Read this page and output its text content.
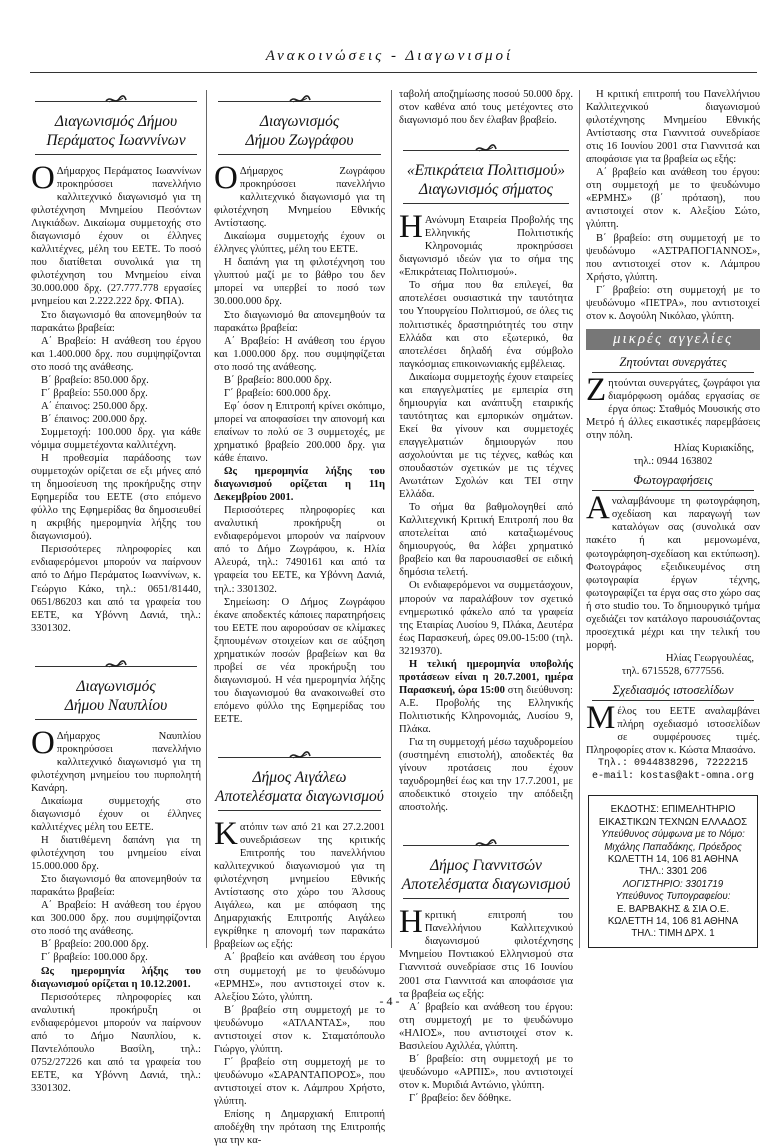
Ανακοινώσεις - Διαγωνισμοί
Διαγωνισμός Δήμου
Περάματος Ιωαννίνων

Ο Δήμαρχος Περάματος Ιωαννίνων προκηρύσσει πανελλήνιο καλλιτεχνικό διαγωνισμό για τη φιλοτέχνηση Μνημείου Πεσόντων Λιγκιάδων. Δικαίωμα συμμετοχής στο διαγωνισμό έχουν οι έλληνες καλλιτέχνες, μέλη του ΕΕΤΕ. Το ποσό που διατίθεται συνολικά για τη φιλοτέχνηση του Μνημείου είναι 30.000.000 δρχ. (27.777.778 εργασίες μνημείου και 2.222.222 δρχ. ΦΠΑ).

Στο διαγωνισμό θα απονεμηθούν τα παρακάτω βραβεία:

Α΄ Βραβείο: Η ανάθεση του έργου και 1.400.000 δρχ. που συμψηφίζονται στο ποσό της ανάθεσης.

Β΄ βραβείο: 850.000 δρχ.

Γ΄ βραβείο: 550.000 δρχ.

Α΄ έπαινος: 250.000 δρχ.

Β΄ έπαινος: 200.000 δρχ.

Συμμετοχή: 100.000 δρχ. για κάθε νόμιμα συμμετέχοντα καλλιτέχνη.

Η προθεσμία παράδοσης των συμμετοχών ορίζεται σε εξι μήνες από τη δημοσίευση της προκήρυξης στην Εφημερίδα του ΕΕΤΕ (στο επόμενο φύλλο της Εφημερίδας θα δημοσιευθεί η ακριβής ημερομηνία λήξης του διαγωνισμού).

Περισσότερες πληροφορίες και ενδιαφερόμενοι μπορούν να παίρνουν από το Δήμο Περάματος Ιωαννίνων, κ. Γεώργιο Κάκο, τηλ.: 0651/81440, 0651/86203 και από τα γραφεία του ΕΕΤΕ, κα Υβόννη Δανιά, τηλ.: 3301302.

Διαγωνισμός
Δήμου Ναυπλίου

Ο Δήμαρχος Ναυπλίου προκηρύσσει πανελλήνιο καλλιτεχνικό διαγωνισμό για τη φιλοτέχνηση μνημείου του πυρπολητή Κανάρη.

Δικαίωμα συμμετοχής στο διαγωνισμό έχουν οι έλληνες καλλιτέχνες μέλη του ΕΕΤΕ.

Η διατιθέμενη δαπάνη για τη φιλοτέχνηση του μνημείου είναι 15.000.000 δρχ.

Στο διαγωνισμό θα απονεμηθούν τα παρακάτω βραβεία:

Α΄ Βραβείο: Η ανάθεση του έργου και 300.000 δρχ. που συμψηφίζονται στο ποσό της ανάθεσης.

Β΄ βραβείο: 200.000 δρχ.

Γ΄ βραβείο: 100.000 δρχ.

Ως ημερομηνία λήξης του διαγωνισμού ορίζεται η 10.12.2001.

Περισσότερες πληροφορίες και αναλυτική προκήρυξη οι ενδιαφερόμενοι μπορούν να παίρνουν από το Δήμο Ναυπλίου, κ. Παντελόπουλο Βασίλη, τηλ.: 0752/27226 και από τα γραφεία του ΕΕΤΕ, κα Υβόννη Δανιά, τηλ.: 3301302.

Διαγωνισμός
Δήμου Ζωγράφου

Ο Δήμαρχος Ζωγράφου προκηρύσσει πανελλήνιο καλλιτεχνικό διαγωνισμό για τη φιλοτέχνηση Μνημείου Εθνικής Αντίστασης.

Δικαίωμα συμμετοχής έχουν οι έλληνες γλύπτες, μέλη του ΕΕΤΕ.

Η δαπάνη για τη φιλοτέχνηση του γλυπτού μαζί με το βάθρο του δεν μπορεί να υπερβεί το ποσό των 30.000.000 δρχ.

Στο διαγωνισμό θα απονεμηθούν τα παρακάτω βραβεία:

Α΄ Βραβείο: Η ανάθεση του έργου και 1.000.000 δρχ. που συμψηφίζεται στο ποσό της ανάθεσης.

Β΄ βραβείο: 800.000 δρχ.

Γ΄ βραβείο: 600.000 δρχ.

Εφ΄ όσον η Επιτροπή κρίνει σκόπιμο, μπορεί να αποφασίσει την απονομή και επαίνων το πολύ σε 3 συμμετοχές, με χρηματικό βραβείο 200.000 δρχ. για κάθε έπαινο.

Ως ημερομηνία λήξης του διαγωνισμού ορίζεται η 11η Δεκεμβρίου 2001.

Περισσότερες πληροφορίες και αναλυτική προκήρυξη οι ενδιαφερόμενοι μπορούν να παίρνουν από το Δήμο Ζωγράφου, κ. Ηλία Αλευρά, τηλ.: 7490161 και από τα γραφεία του ΕΕΤΕ, κα Υβόννη Δανιά, τηλ.: 3301302.

Σημείωση: Ο Δήμος Ζωγράφου έκανε αποδεκτές κάποιες παρατηρήσεις του ΕΕΤΕ που αφορούσαν σε κλίμακες ξηπουμένων στοιχείων και σε αύξηση χρηματικών ποσών βραβείων και θα προβεί σε νέα προκήρυξη του διαγωνισμού. Η νέα ημερομηνία λήξης του διαγωνισμού θα ανακοινωθεί στο επόμενο φύλλο της Εφημερίδας του ΕΕΤΕ.

Δήμος Αιγάλεω
Αποτελέσματα διαγωνισμού

Κατόπιν των από 21 και 27.2.2001 συνεδριάσεων της κριτικής Επιτροπής του πανελλήνιου καλλιτεχνικού διαγωνισμού για τη φιλοτέχνηση μνημείου Εθνικής Αντίστασης στο χώρο του Άλσους Αιγάλεω, και με απόφαση της Δημαρχιακής Επιτροπής Αιγάλεω εγκρίθηκε η απονομή των παρακάτω βραβείων ως εξής:

Α΄ βραβείο και ανάθεση του έργου στη συμμετοχή με το ψευδώνυμο «ΕΡΜΗΣ», που αντιστοιχεί στον κ. Αλεξίου Σώτο, γλύπτη.

Β΄ βραβείο στη συμμετοχή με το ψευδώνυμο «ΑΤΛΑΝΤΑΣ», που αντιστοιχεί στον κ. Σταματόπουλο Γιώργο, γλύπτη.

Γ΄ βραβείο στη συμμετοχή με το ψευδώνυμο «ΣΑΡΑΝΤΑΠΟΡΟΣ», που αντιστοιχεί στον κ. Λάμπρου Χρήστο, γλύπτη.

Επίσης η Δημαρχιακή Επιτροπή αποδέχθη την πρόταση της Επιτροπής για την κα-

ταβολή αποζημίωσης ποσού 50.000 δρχ. στον καθένα από τους μετέχοντες στο διαγωνισμό που δεν έλαβαν βραβείο.

«Επικράτεια Πολιτισμού»
Διαγωνισμός σήματος

Η Ανώνυμη Εταιρεία Προβολής της Ελληνικής Πολιτιστικής Κληρονομιάς προκηρύσσει διαγωνισμό ιδεών για το σήμα της «Επικράτειας Πολιτισμού».

Το σήμα που θα επιλεγεί, θα αποτελέσει ουσιαστικά την ταυτότητα του Υπουργείου Πολιτισμού, σε όλες τις πολιτιστικές δραστηριότητές του στην Ελλάδα και στο εξωτερικό, θα αποτελέσει δηλαδή ένα σύμβολο παγκόσμιας επικοινωνιακής εμβέλειας.

Δικαίωμα συμμετοχής έχουν εταιρείες και επαγγελματίες με εμπειρία στη δημιουργία και ανάπτυξη εταιρικής ταυτότητας και εμπορικών σημάτων. Εκεί θα γίνουν και συμμετοχές επαγγελματιών δημιουργών που ασχολούνται με τις τέχνες, καθώς και σπουδαστών σχετικών με τις τέχνες Ανωτάτων Σχολών και ΤΕΙ στην Ελλάδα.

Το σήμα θα βαθμολογηθεί από Καλλιτεχνική Κριτική Επιτροπή που θα αποτελείται από καταξιωμένους δημιουργούς, θα λάβει χρηματικό βραβείο και θα παρουσιασθεί σε ειδική δημόσια τελετή.

Οι ενδιαφερόμενοι να συμμετάσχουν, μπορούν να παραλάβουν τον σχετικό ενημερωτικό φάκελο από τα γραφεία της Εταιρίας Λυσίου 9, Πλάκα, Δευτέρα έως Παρασκευή, ώρες 09.00-15:00 (τηλ. 3219370).

Η τελική ημερομηνία υποβολής προτάσεων είναι η 20.7.2001, ημέρα Παρασκευή, ώρα 15:00 στη διεύθυνση: Α.Ε. Προβολής της Ελληνικής Πολιτιστικής Κληρονομιάς, Λυσίου 9, Πλάκα.

Για τη συμμετοχή μέσω ταχυδρομείου (συστημένη επιστολή), αποδεκτές θα γίνουν προτάσεις που έχουν ταχυδρομηθεί έως και την 17.7.2001, με αποδεικτικό στοιχείο την απόδειξη αποστολής.

Δήμος Γιαννιτσών
Αποτελέσματα διαγωνισμού

Ηκριτική επιτροπή του Πανελλήνιου Καλλιτεχνικού διαγωνισμού φιλοτέχνησης Μνημείου Ποντιακού Ελληνισμού στα Γιαννιτσά συνεδρίασε στις 16 Ιουνίου 2001 στα Γιαννιτσά και αποφάσισε για τα βραβεία ως εξής:

Α΄ βραβείο και ανάθεση του έργου: στη συμμετοχή με το ψευδώνυμο «ΗΛΙΟΣ», που αντιστοιχεί στον κ. Βασιλείου Αχιλλέα, γλύπτη.

Β΄ βραβείο: στη συμμετοχή με το ψευδώνυμο «ΑΡΠΙΣ», που αντιστοιχεί στον κ. Μυριδιά Αντώνιο, γλύπτη.

Γ΄ βραβείο: δεν δόθηκε.

Η κριτική επιτροπή του Πανελλήνιου Καλλιτεχνικού διαγωνισμού φιλοτέχνησης Μνημείου Εθνικής Αντίστασης στα Γιαννιτσά συνεδρίασε στις 16 Ιουνίου 2001 στα Γιαννιτσά και αποφάσισε για τα βραβεία ως εξής:

Α΄ βραβείο και ανάθεση του έργου: στη συμμετοχή με το ψευδώνυμο «ΕΡΜΗΣ» (β΄ πρόταση), που αντιστοιχεί στον κ. Αλεξίου Σώτο, γλύπτη.

Β΄ βραβείο: στη συμμετοχή με το ψευδώνυμο «ΑΣΤΡΑΠΟΓΙΑΝΝΟΣ», που αντιστοιχεί στον κ. Λάμπρου Χρήστο, γλύπτη.

Γ΄ βραβείο: στη συμμετοχή με το ψευδώνυμο «ΠΕΤΡΑ», που αντιστοιχεί στον κ. Δογούλη Νικόλαο, γλύπτη.

μικρές αγγελίες
Ζητούνται συνεργάτες

Ζητούνται συνεργάτες, ζωγράφοι για διαμόρφωση ομάδας εργασίας σε έργα όπως: Σταθμός Μουσικής στο Μετρό ή άλλες εικαστικές παρεμβάσεις στην πόλη.

Ηλίας Κυριακίδης,

τηλ.: 0944 163802

Φωτογραφήσεις

Αναλαμβάνουμε τη φωτογράφηση, σχεδίαση και παραγωγή των καταλόγων σας (συνολικά σαν πακέτο ή και μεμονωμένα, φωτογράφηση-σχεδίαση και εκτύπωση). Φωτογράφος εξειδικευμένος στη φωτογραφία έργων τέχνης, φωτογραφίζει τα έργα σας στο χώρο σας ή στο studio του. Το δημιουργικό τμήμα σχεδιάζει τον κατάλογο παρουσιάζοντας προσεχτικά μέχρι και την τελική του μορφή.

Ηλίας Γεωργουλέας,

τηλ. 6715528, 6777556.

Σχεδιασμός ιστοσελίδων

Μέλος του ΕΕΤΕ αναλαμβάνει πλήρη σχεδιασμό ιστοσελίδων σε συμφέρουσες τιμές. Πληροφορίες στον κ. Κώστα Μπασάνο.

Τηλ.: 0944838296, 7222215

e-mail: kostas@akt-omna.org

ΕΚΔΟΤΗΣ: ΕΠΙΜΕΛΗΤΗΡΙΟ
ΕΙΚΑΣΤΙΚΩΝ ΤΕΧΝΩΝ ΕΛΛΑΔΟΣ
Υπεύθυνος σύμφωνα με το Νόμο:
Μιχάλης Παπαδάκης, Πρόεδρος
ΚΩΛΕΤΤΗ 14, 106 81 ΑΘΗΝΑ
ΤΗΛ.: 3301 206
ΛΟΓΙΣΤΗΡΙΟ: 3301719
Υπεύθυνος Τυπογραφείου:
Ε. ΒΑΡΒΑΚΗΣ & ΣΙΑ Ο.Ε.
ΚΩΛΕΤΤΗ 14, 106 81 ΑΘΗΝΑ
ΤΗΛ.: ΤΙΜΗ ΔΡΧ. 1
- 4 -
